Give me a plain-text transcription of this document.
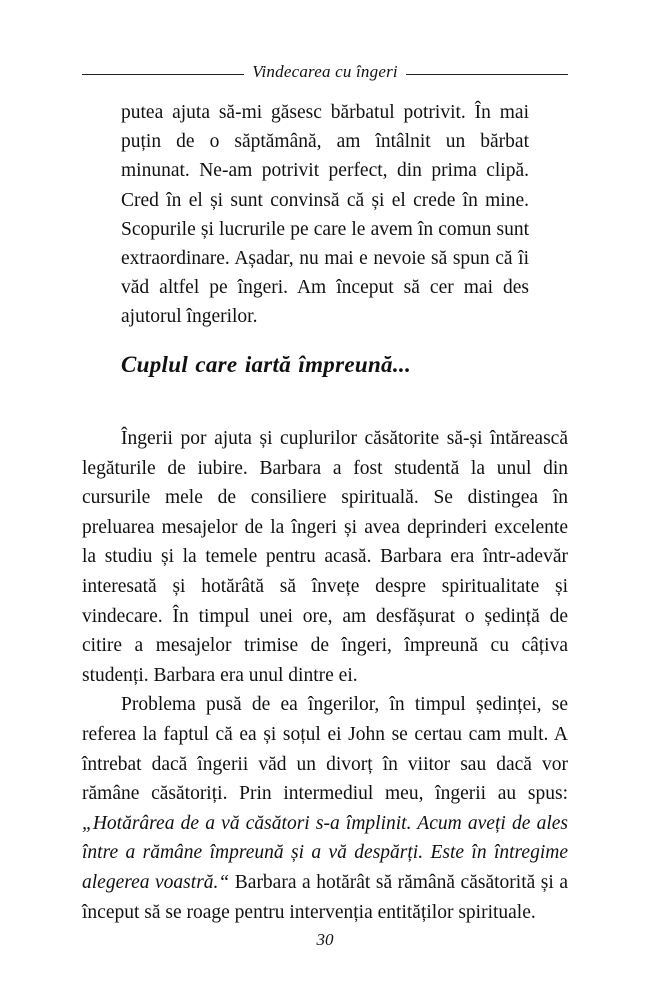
Vindecarea cu îngeri

putea ajuta să-mi găsesc bărbatul potrivit. În mai puțin de o săptămână, am întâlnit un bărbat minunat. Ne-am potrivit perfect, din prima clipă. Cred în el și sunt convinsă că și el crede în mine. Scopurile și lucrurile pe care le avem în comun sunt extraordinare. Așadar, nu mai e nevoie să spun că îi văd altfel pe îngeri. Am început să cer mai des ajutorul îngerilor.

Cuplul care iartă împreună...

Îngerii por ajuta și cuplurilor căsătorite să-și întărească legăturile de iubire. Barbara a fost studentă la unul din cursurile mele de consiliere spirituală. Se distingea în preluarea mesajelor de la îngeri și avea deprinderi excelente la studiu și la temele pentru acasă. Barbara era într-adevăr interesată și hotărâtă să învețe despre spiritualitate și vindecare. În timpul unei ore, am desfășurat o ședință de citire a mesajelor trimise de îngeri, împreună cu câțiva studenți. Barbara era unul dintre ei.

Problema pusă de ea îngerilor, în timpul ședinței, se referea la faptul că ea și soțul ei John se certau cam mult. A întrebat dacă îngerii văd un divorț în viitor sau dacă vor rămâne căsătoriți. Prin intermediul meu, îngerii au spus: „Hotărârea de a vă căsători s-a împlinit. Acum aveți de ales între a rămâne împreună și a vă despărți. Este în întregime alegerea voastră.“ Barbara a hotărât să rămână căsătorită și a început să se roage pentru intervenția entităților spirituale.

30
